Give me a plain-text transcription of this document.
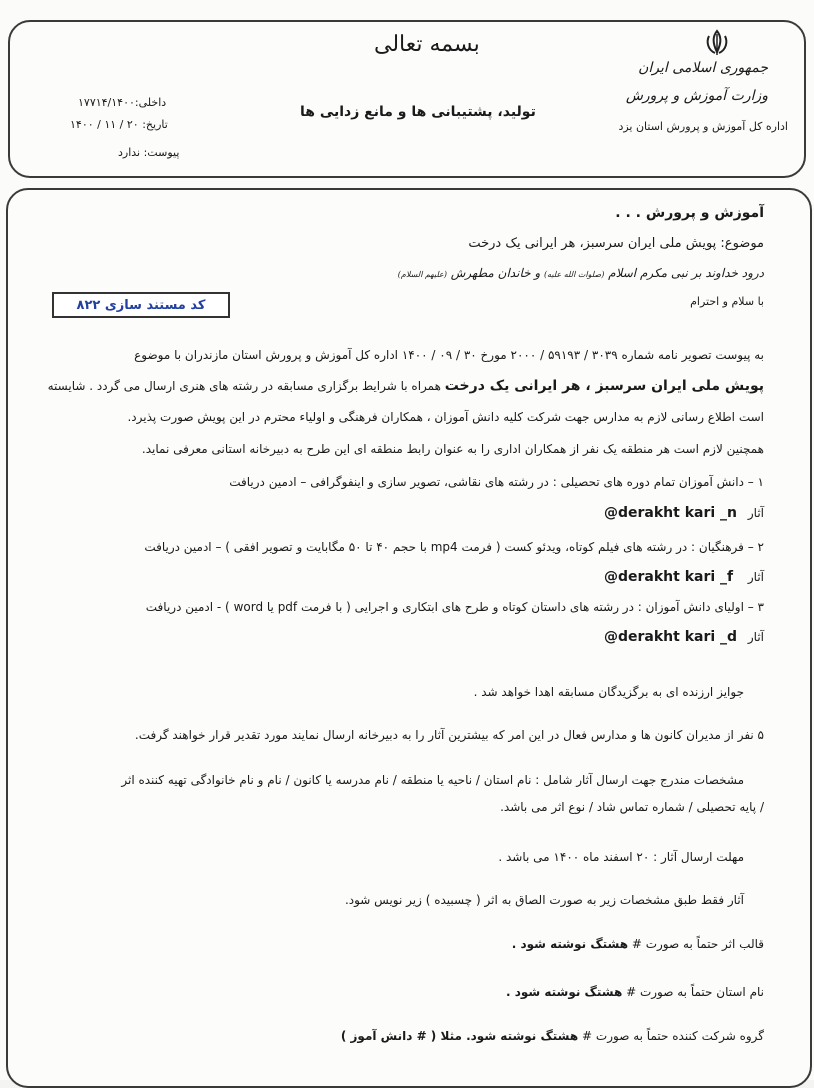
جمهوری اسلامی ایران
وزارت آموزش و پرورش
اداره کل آموزش و پرورش استان یزد
بسمه تعالی
تولید، پشتیبانی ها و مانع زدایی ها
داخلی:۱۷۷۱۴/۱۴۰۰
تاریخ: ۲۰ / ۱۱ / ۱۴۰۰
پیوست: ندارد
آموزش و پرورش . . .
موضوع: پویش ملی ایران سرسبز، هر ایرانی یک درخت
درود خداوند بر نبی مکرم اسلام (صلوات الله علیه) و خاندان مطهرش (علیهم السلام)
با سلام و احترام
کد مستند سازی ۸۲۲
به پیوست تصویر نامه شماره ۳۰۳۹ / ۵۹۱۹۳ / ۲۰۰۰ مورخ ۳۰ / ۰۹ / ۱۴۰۰ اداره کل آموزش و پرورش استان مازندران با موضوع
پویش ملی ایران سرسبز ، هر ایرانی یک درخت همراه با شرایط برگزاری مسابقه در رشته های هنری ارسال می گردد . شایسته
است اطلاع رسانی لازم به مدارس جهت شرکت کلیه دانش آموزان ، همکاران فرهنگی و اولیاء محترم در این پویش صورت پذیرد.
همچنین لازم است هر منطقه یک نفر از همکاران اداری را به عنوان رابط منطقه ای این طرح به دبیرخانه استانی معرفی نماید.
۱ – دانش آموزان تمام دوره های تحصیلی : در رشته های نقاشی، تصویر سازی و اینفوگرافی – ادمین دریافت
آثار
@derakht kari _n
۲ – فرهنگیان : در رشته های فیلم کوتاه، ویدئو کست ( فرمت mp4 با حجم ۴۰ تا ۵۰ مگابایت و تصویر افقی ) – ادمین دریافت
آثار
@derakht kari _f
۳ – اولیای دانش آموزان : در رشته های داستان کوتاه و طرح های ابتکاری و اجرایی ( با فرمت pdf یا word ) - ادمین دریافت
آثار
@derakht kari _d
جوایز ارزنده ای به برگزیدگان مسابقه اهدا خواهد شد .
۵ نفر از مدیران کانون ها و مدارس فعال در این امر که بیشترین آثار را به دبیرخانه ارسال نمایند مورد تقدیر قرار خواهند گرفت.
مشخصات مندرج جهت ارسال آثار شامل : نام استان / ناحیه یا منطقه / نام مدرسه یا کانون / نام و نام خانوادگی تهیه کننده اثر
/ پایه تحصیلی / شماره تماس شاد / نوع اثر می باشد.
مهلت ارسال آثار : ۲۰ اسفند ماه ۱۴۰۰ می باشد .
آثار فقط طبق مشخصات زیر به صورت الصاق به اثر ( چسبیده ) زیر نویس شود.
قالب اثر حتماً به صورت # هشتگ نوشته شود .
نام استان حتماً به صورت # هشتگ نوشته شود .
گروه شرکت کننده حتماً به صورت # هشتگ نوشته شود. مثلا ( # دانش آموز )
